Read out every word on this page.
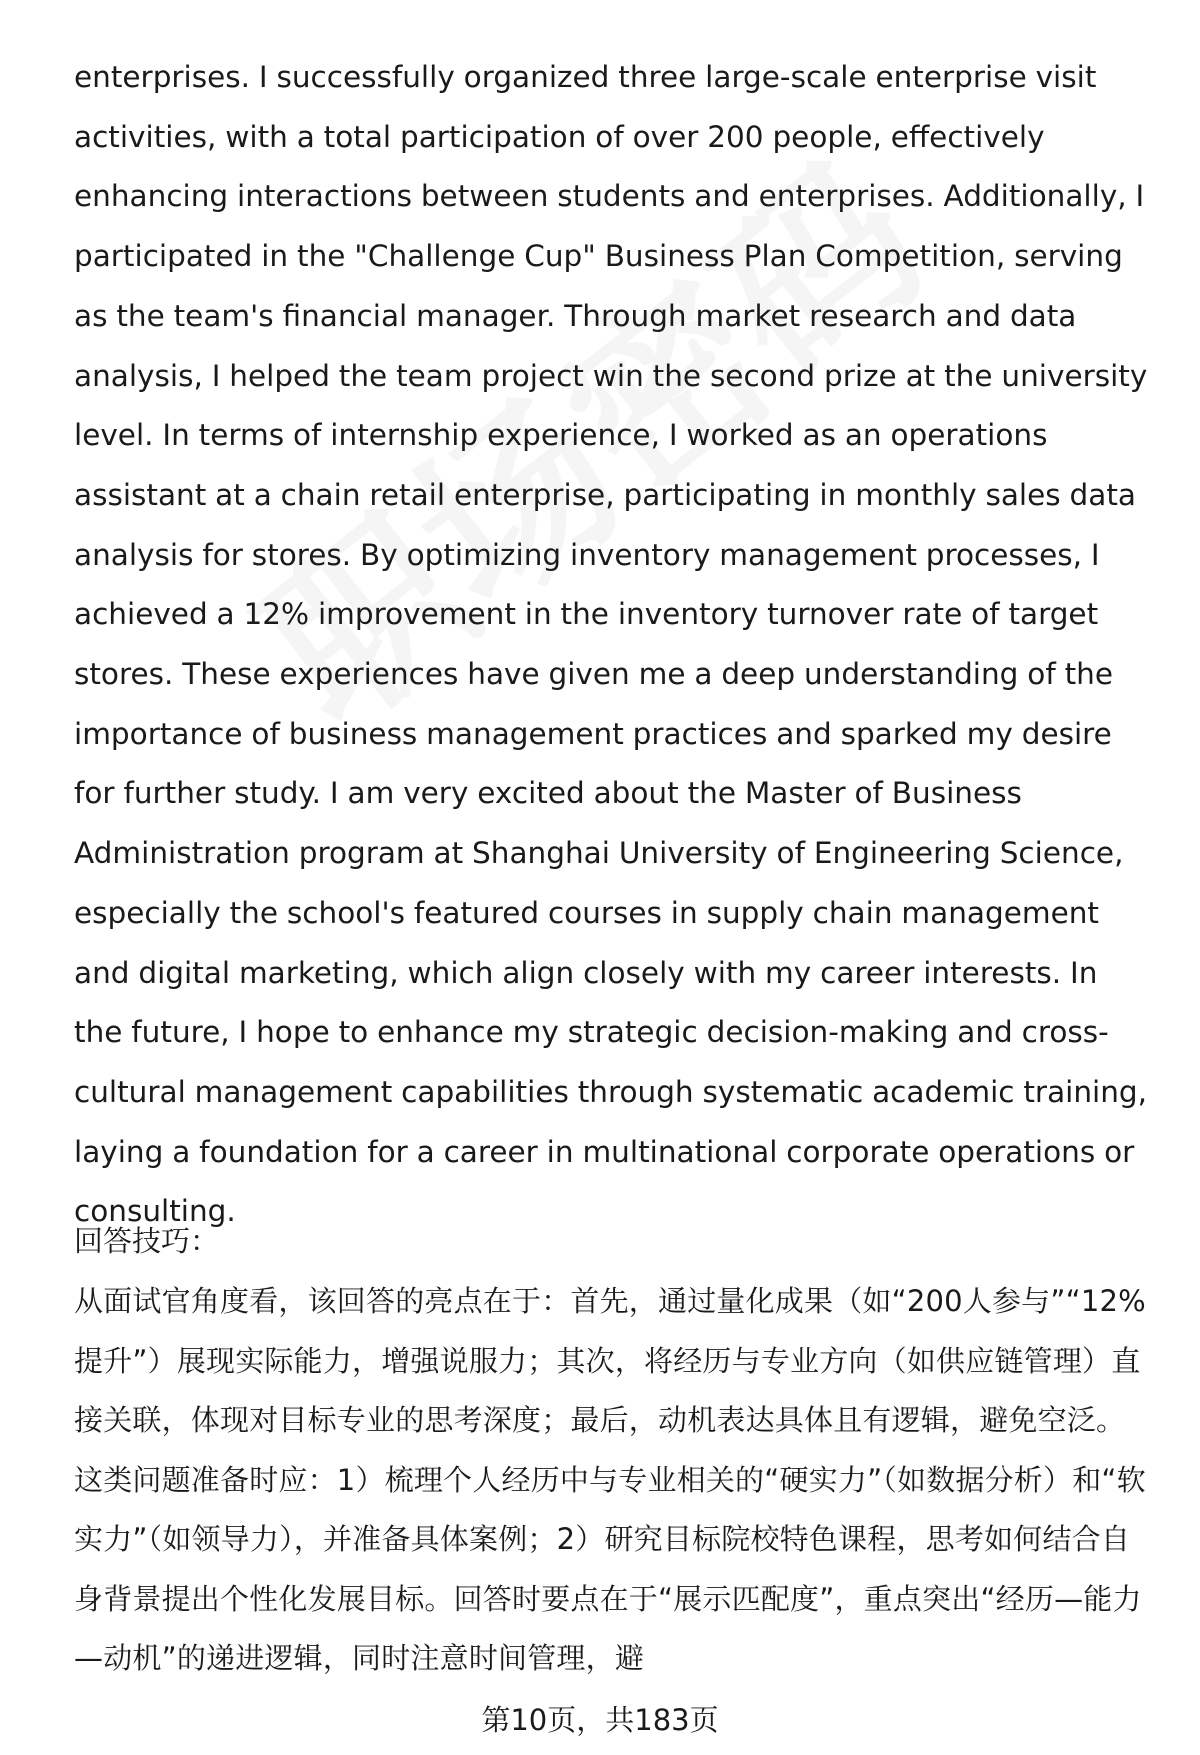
enterprises. I successfully organized three large-scale enterprise visit activities, with a total participation of over 200 people, effectively enhancing interactions between students and enterprises. Additionally, I participated in the "Challenge Cup" Business Plan Competition, serving as the team's financial manager. Through market research and data analysis, I helped the team project win the second prize at the university level. In terms of internship experience, I worked as an operations assistant at a chain retail enterprise, participating in monthly sales data analysis for stores. By optimizing inventory management processes, I achieved a 12% improvement in the inventory turnover rate of target stores. These experiences have given me a deep understanding of the importance of business management practices and sparked my desire for further study. I am very excited about the Master of Business Administration program at Shanghai University of Engineering Science, especially the school's featured courses in supply chain management and digital marketing, which align closely with my career interests. In the future, I hope to enhance my strategic decision-making and cross-cultural management capabilities through systematic academic training, laying a foundation for a career in multinational corporate operations or consulting.

回答技巧：

从面试官角度看，该回答的亮点在于：首先，通过量化成果（如“200人参与”“12%提升”）展现实际能力，增强说服力；其次，将经历与专业方向（如供应链管理）直接关联，体现对目标专业的思考深度；最后，动机表达具体且有逻辑，避免空泛。这类问题准备时应：1）梳理个人经历中与专业相关的“硬实力”（如数据分析）和“软实力”（如领导力），并准备具体案例；2）研究目标院校特色课程，思考如何结合自身背景提出个性化发展目标。回答时要点在于“展示匹配度”，重点突出“经历—能力—动机”的递进逻辑，同时注意时间管理，避

第10页，共183页
